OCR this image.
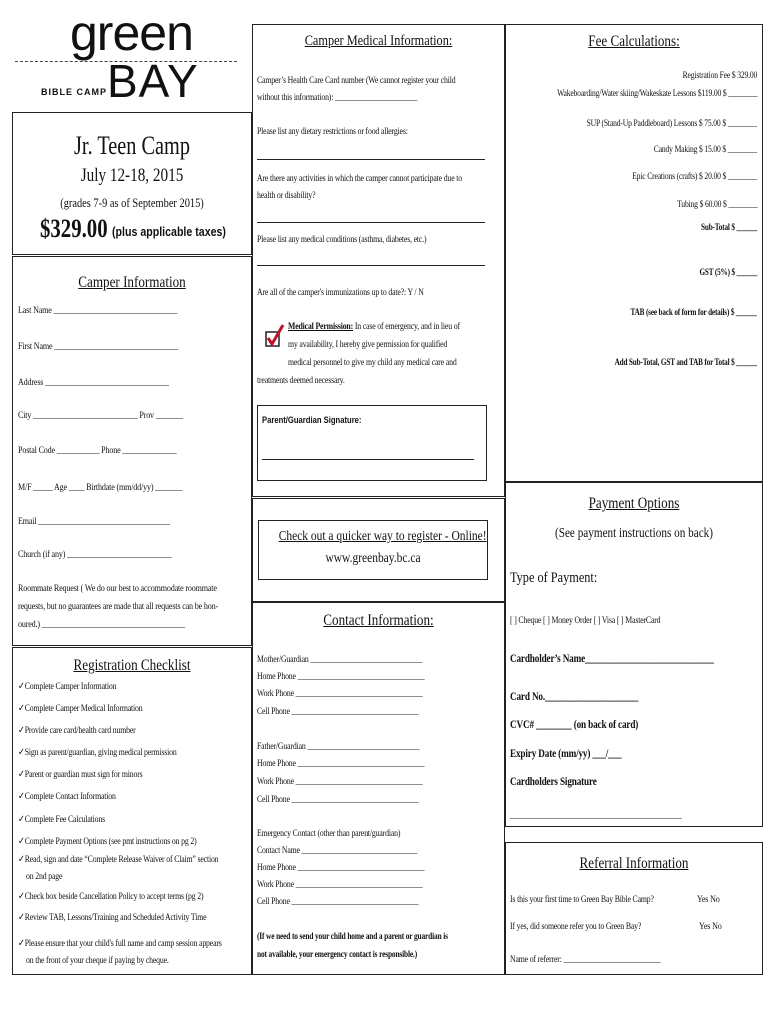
green
BAY
BIBLE CAMP
Jr. Teen Camp
July 12-18, 2015
(grades 7-9 as of September 2015)
$329.00 (plus applicable taxes)
Camper Information
Last Name ________________________________
First Name ________________________________
Address ________________________________
City ___________________________ Prov _______
Postal Code ___________ Phone ______________
M/F _____ Age ____ Birthdate (mm/dd/yy) _______
Email __________________________________
Church (if any) ___________________________
Roommate Request ( We do our best to accommodate roommate
requests, but no guarantees are made that all requests can be hon-
oured.) _____________________________________
Registration Checklist
✓Complete Camper Information
✓Complete Camper Medical Information
✓Provide care card/health card number
✓Sign as parent/guardian, giving medical permission
✓Parent or guardian must sign for minors
✓Complete Contact Information
✓Complete Fee Calculations
✓Complete Payment Options (see pmt instructions on pg 2)
✓Read, sign and date “Complete Release Waiver of Claim” section
✓Check box beside Cancellation Policy to accept terms (pg 2)
✓Review TAB, Lessons/Training and Scheduled Activity Time
✓Please ensure that your child's full name and camp session appears
on 2nd page
on the front of your cheque if paying by cheque.
Camper Medical Information:
Camper’s Health Care Card number (We cannot register your child
without this information): ______________________
Please list any dietary restrictions or food allergies:
Are there any activities in which the camper cannot participate due to
health or disability?
Please list any medical conditions (asthma, diabetes, etc.)
Are all of the camper's immunizations up to date?: Y / N
Medical Permission: In case of emergency, and in lieu of
my availability, I hereby give permission for qualified
medical personnel to give my child any medical care and
treatments deemed necessary.
Parent/Guardian Signature:
Check out a quicker way to register - Online!
www.greenbay.bc.ca
Contact Information:
Mother/Guardian ______________________________
Home Phone __________________________________
Work Phone __________________________________
Cell Phone __________________________________
Father/Guardian ______________________________
Home Phone __________________________________
Work Phone __________________________________
Cell Phone __________________________________
Emergency Contact (other than parent/guardian)
Contact Name _______________________________
Home Phone __________________________________
Work Phone __________________________________
Cell Phone __________________________________
(If we need to send your child home and a parent or guardian is
not available, your emergency contact is responsible.)
Fee Calculations:
Registration Fee $ 329.00
Wakeboarding/Water skiing/Wakeskate Lessons $119.00 $ ________
SUP (Stand-Up Paddleboard) Lessons $ 75.00 $ ________
Candy Making $ 15.00 $ ________
Epic Creations (crafts) $ 20.00 $ ________
Tubing $ 60.00 $ ________
Sub-Total $ ______
GST (5%) $ ______
TAB (see back of form for details) $ ______
Add Sub-Total, GST and TAB for Total $ ______
Payment Options
(See payment instructions on back)
Type of Payment:
[ ] Cheque [ ] Money Order [ ] Visa [ ] MasterCard
Cardholder’s Name_____________________________
Card No._____________________
CVC# ________ (on back of card)
Expiry Date (mm/yy) ___/___
Cardholders Signature
______________________________________________
Referral Information
Is this your first time to Green Bay Bible Camp?	Yes No
If yes, did someone refer you to Green Bay?	Yes No
Name of referrer: __________________________
